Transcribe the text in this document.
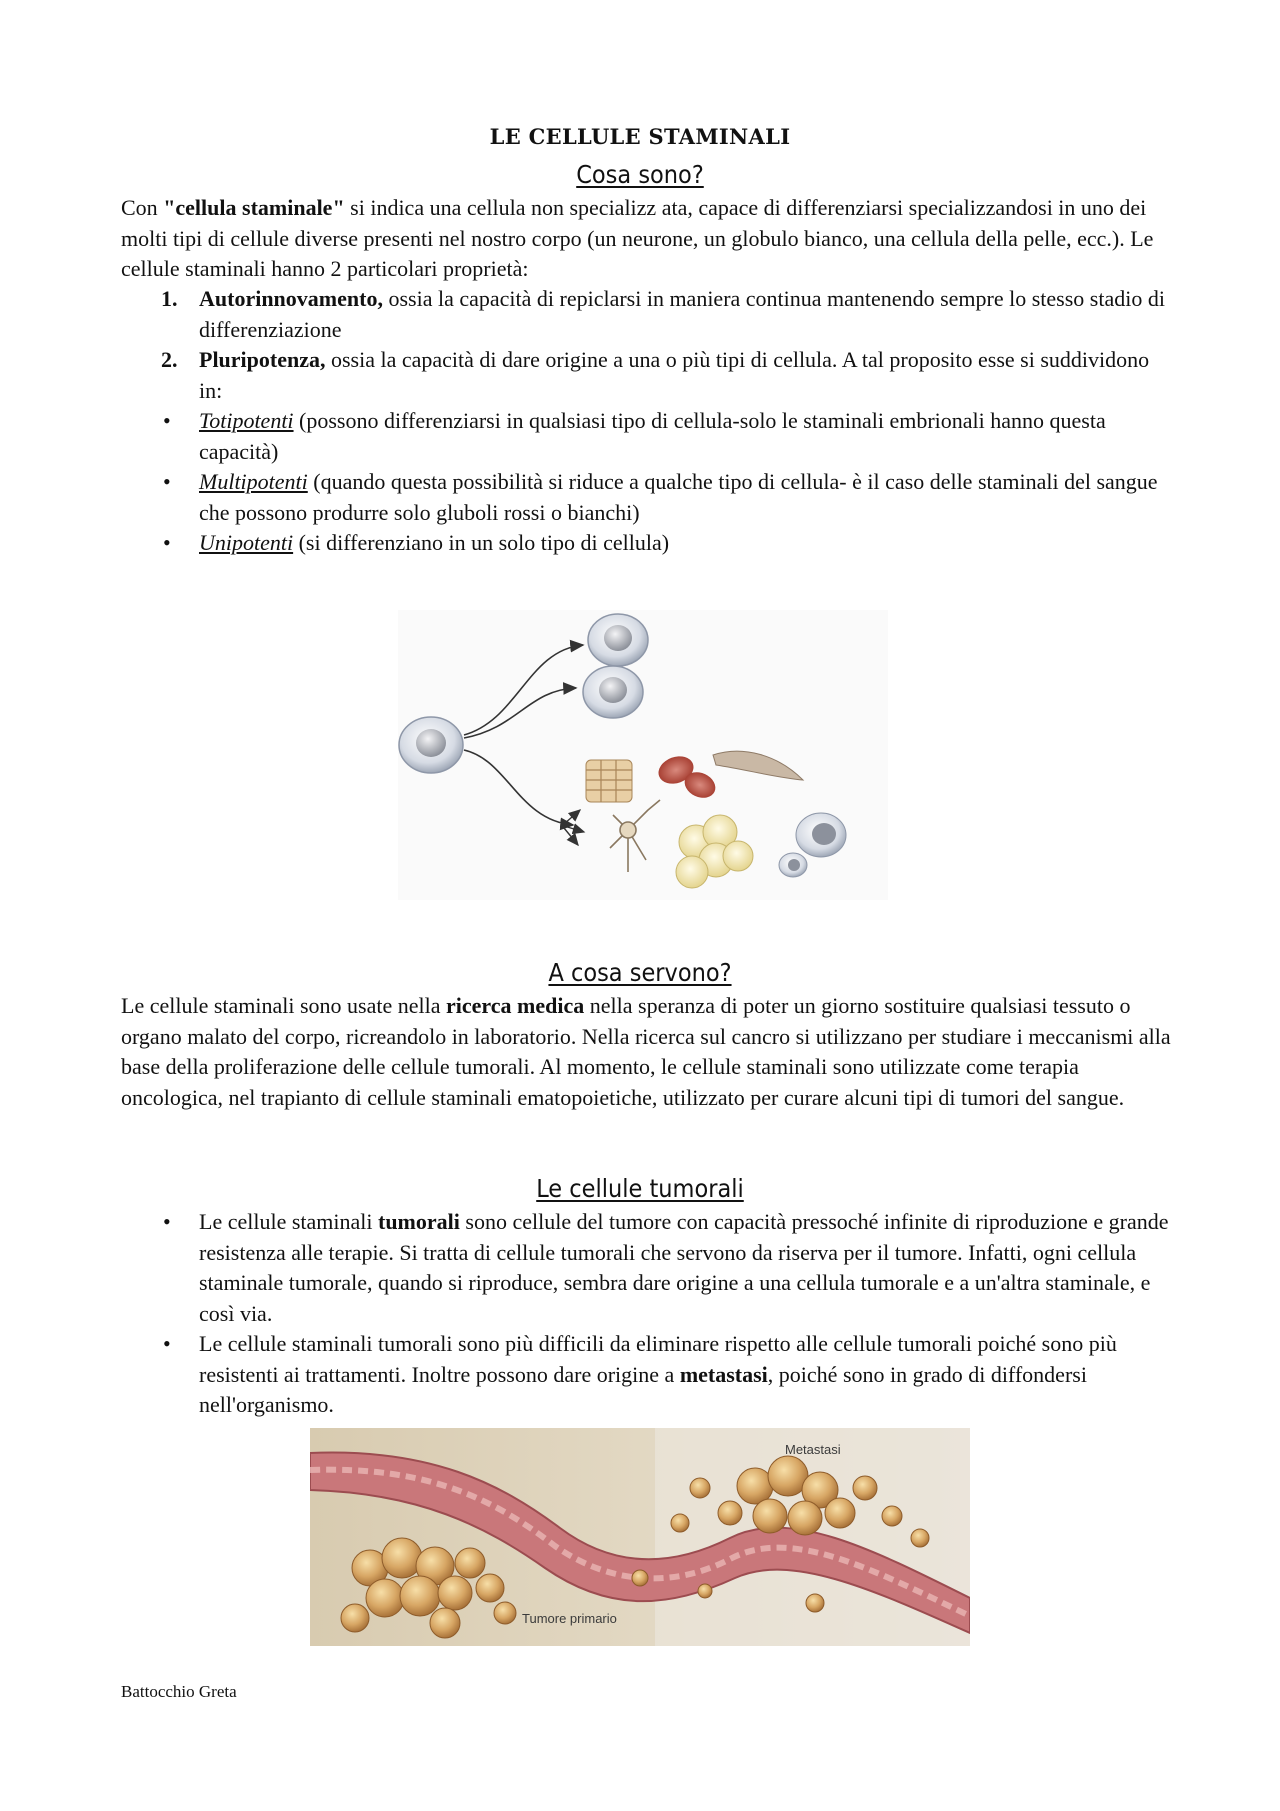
LE CELLULE STAMINALI
Cosa sono?
Con "cellula staminale" si indica una cellula non specializz ata, capace di differenziarsi specializzandosi in uno dei molti tipi di cellule diverse presenti nel nostro corpo (un neurone, un globulo bianco, una cellula della pelle, ecc.). Le cellule staminali hanno 2 particolari proprietà:
1. Autorinnovamento, ossia la capacità di repiclarsi in maniera continua mantenendo sempre lo stesso stadio di differenziazione
2. Pluripotenza, ossia la capacità di dare origine a una o più tipi di cellula. A tal proposito esse si suddividono in:
• Totipotenti (possono differenziarsi in qualsiasi tipo di cellula-solo le staminali embrionali hanno questa capacità)
• Multipotenti (quando questa possibilità si riduce a qualche tipo di cellula- è il caso delle staminali del sangue che possono produrre solo gluboli rossi o bianchi)
• Unipotenti (si differenziano in un solo tipo di cellula)
A cosa servono?
Le cellule staminali sono usate nella ricerca medica nella speranza di poter un giorno sostituire qualsiasi tessuto o organo malato del corpo, ricreandolo in laboratorio. Nella ricerca sul cancro si utilizzano per studiare i meccanismi alla base della proliferazione delle cellule tumorali. Al momento, le cellule staminali sono utilizzate come terapia oncologica, nel trapianto di cellule staminali ematopoietiche, utilizzato per curare alcuni tipi di tumori del sangue.
Le cellule tumorali
• Le cellule staminali tumorali sono cellule del tumore con capacità pressoché infinite di riproduzione e grande resistenza alle terapie. Si tratta di cellule tumorali che servono da riserva per il tumore. Infatti, ogni cellula staminale tumorale, quando si riproduce, sembra dare origine a una cellula tumorale e a un'altra staminale, e così via.
• Le cellule staminali tumorali sono più difficili da eliminare rispetto alle cellule tumorali poiché sono più resistenti ai trattamenti. Inoltre possono dare origine a metastasi, poiché sono in grado di diffondersi nell'organismo.
Metastasi
Tumore primario
Battocchio Greta
